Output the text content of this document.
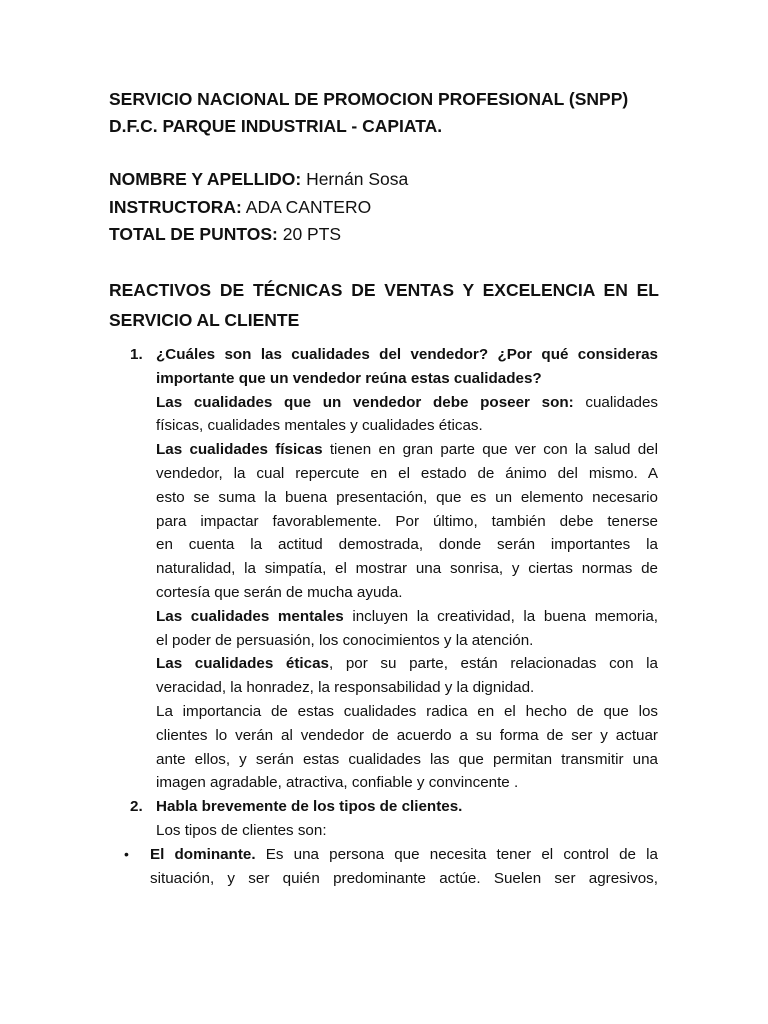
SERVICIO NACIONAL DE PROMOCION PROFESIONAL (SNPP)
D.F.C. PARQUE INDUSTRIAL - CAPIATA.
NOMBRE Y APELLIDO: Hernán Sosa
INSTRUCTORA: ADA CANTERO
TOTAL DE PUNTOS: 20 PTS
REACTIVOS DE TÉCNICAS DE VENTAS Y EXCELENCIA EN EL
SERVICIO AL CLIENTE
1. ¿Cuáles son las cualidades del vendedor? ¿Por qué consideras
importante que un vendedor reúna estas cualidades?
Las cualidades que un vendedor debe poseer son: cualidades
físicas, cualidades mentales y cualidades éticas.
Las cualidades físicas tienen en gran parte que ver con la salud del
vendedor, la cual repercute en el estado de ánimo del mismo. A
esto se suma la buena presentación, que es un elemento necesario
para impactar favorablemente. Por último, también debe tenerse
en cuenta la actitud demostrada, donde serán importantes la
naturalidad, la simpatía, el mostrar una sonrisa, y ciertas normas de
cortesía que serán de mucha ayuda.
Las cualidades mentales incluyen la creatividad, la buena memoria,
el poder de persuasión, los conocimientos y la atención.
Las cualidades éticas, por su parte, están relacionadas con la
veracidad, la honradez, la responsabilidad y la dignidad.
La importancia de estas cualidades radica en el hecho de que los
clientes lo verán al vendedor de acuerdo a su forma de ser y actuar
ante ellos, y serán estas cualidades las que permitan transmitir una
imagen agradable, atractiva, confiable y convincente .
2. Habla brevemente de los tipos de clientes.
Los tipos de clientes son:
•	El dominante. Es una persona que necesita tener el control de la
situación, y ser quién predominante actúe. Suelen ser agresivos,
